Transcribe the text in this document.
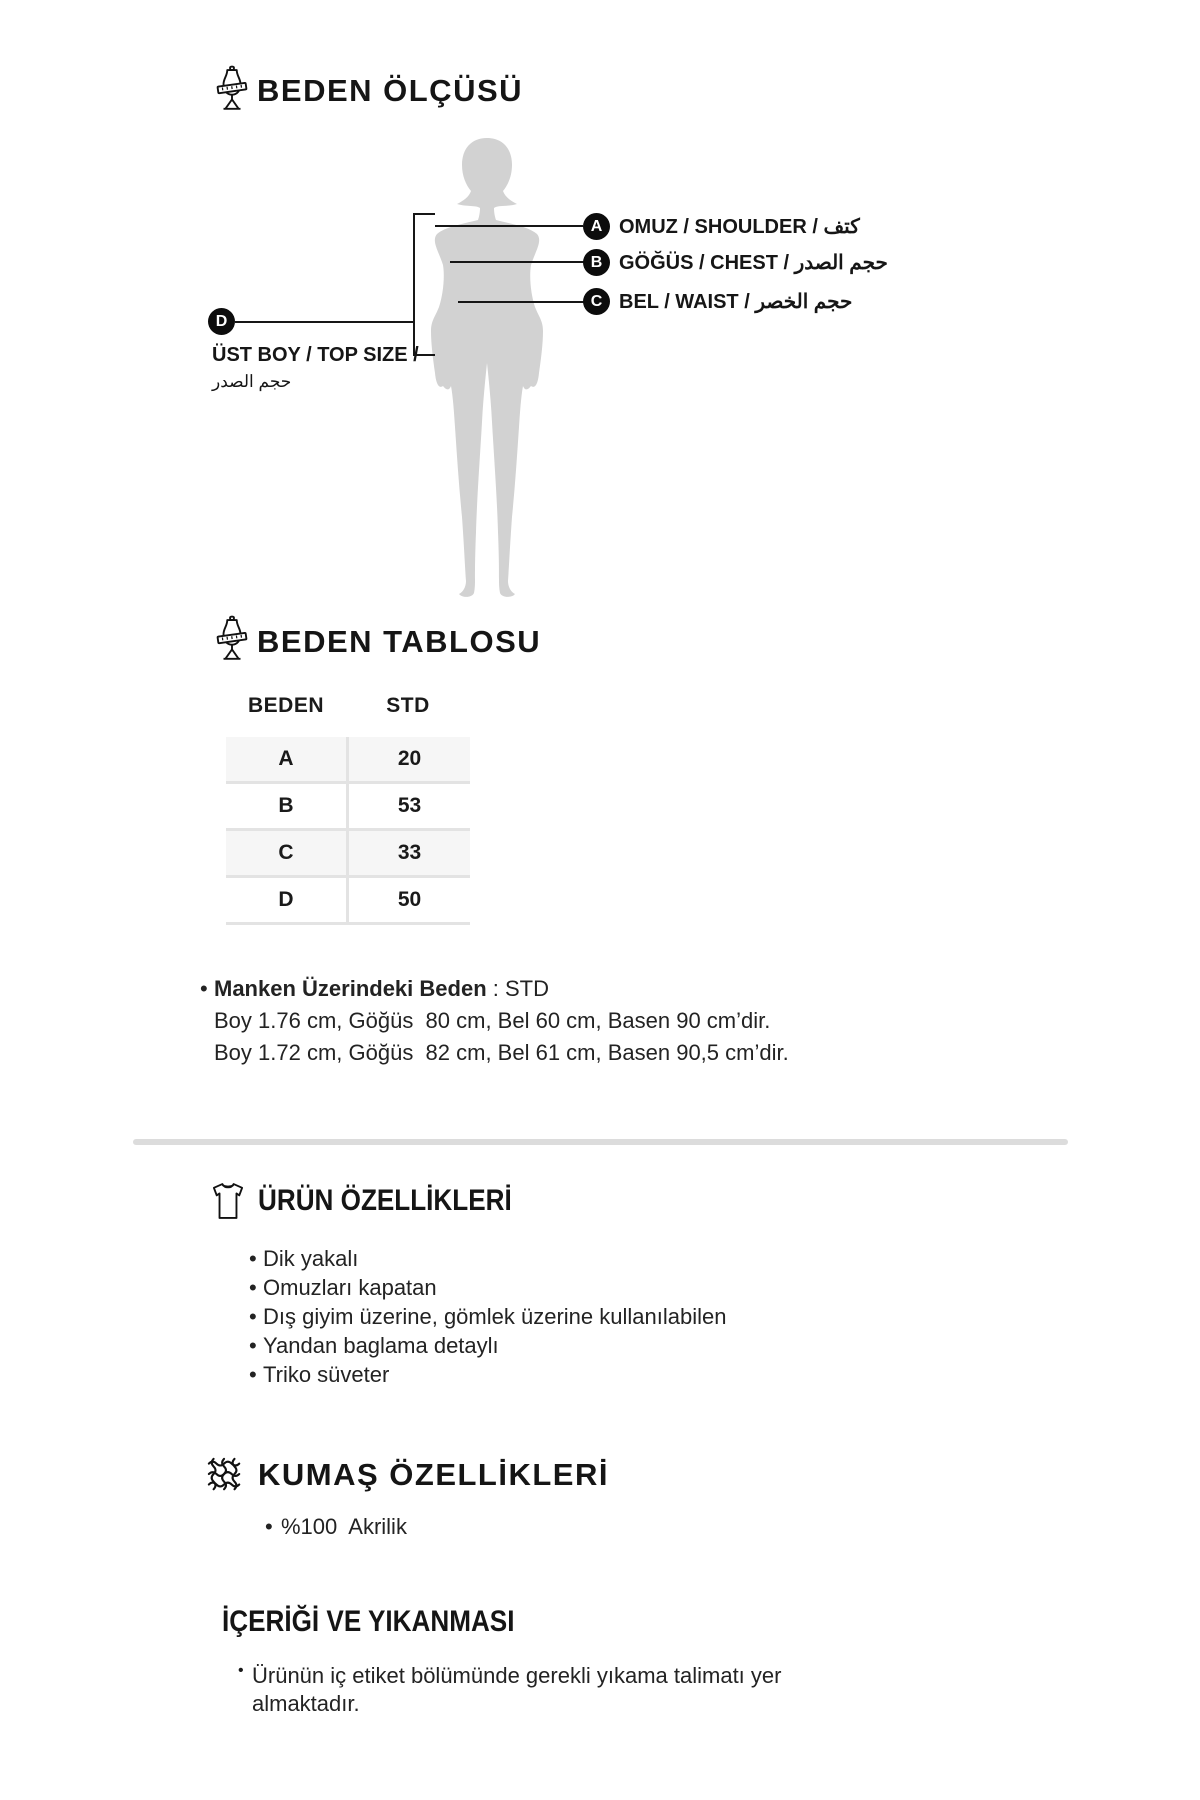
BEDEN ÖLÇÜSÜ
A
B
C
D
OMUZ / SHOULDER / كتف
GÖĞÜS / CHEST / حجم الصدر
BEL / WAIST / حجم الخصر
ÜST BOY / TOP SIZE /
حجم الصدر
BEDEN TABLOSU
BEDEN	STD
A	20
B	53
C	33
D	50
• Manken Üzerindeki Beden : STD
Boy 1.76 cm, Göğüs  80 cm, Bel 60 cm, Basen 90 cm’dir.
Boy 1.72 cm, Göğüs  82 cm, Bel 61 cm, Basen 90,5 cm’dir.
ÜRÜN ÖZELLİKLERİ
• Dik yakalı
• Omuzları kapatan
• Dış giyim üzerine, gömlek üzerine kullanılabilen
• Yandan baglama detaylı
• Triko süveter
KUMAŞ ÖZELLİKLERİ
• %100  Akrilik
İÇERİĞİ VE YIKANMASI
• Ürünün iç etiket bölümünde gerekli yıkama talimatı yer
almaktadır.
